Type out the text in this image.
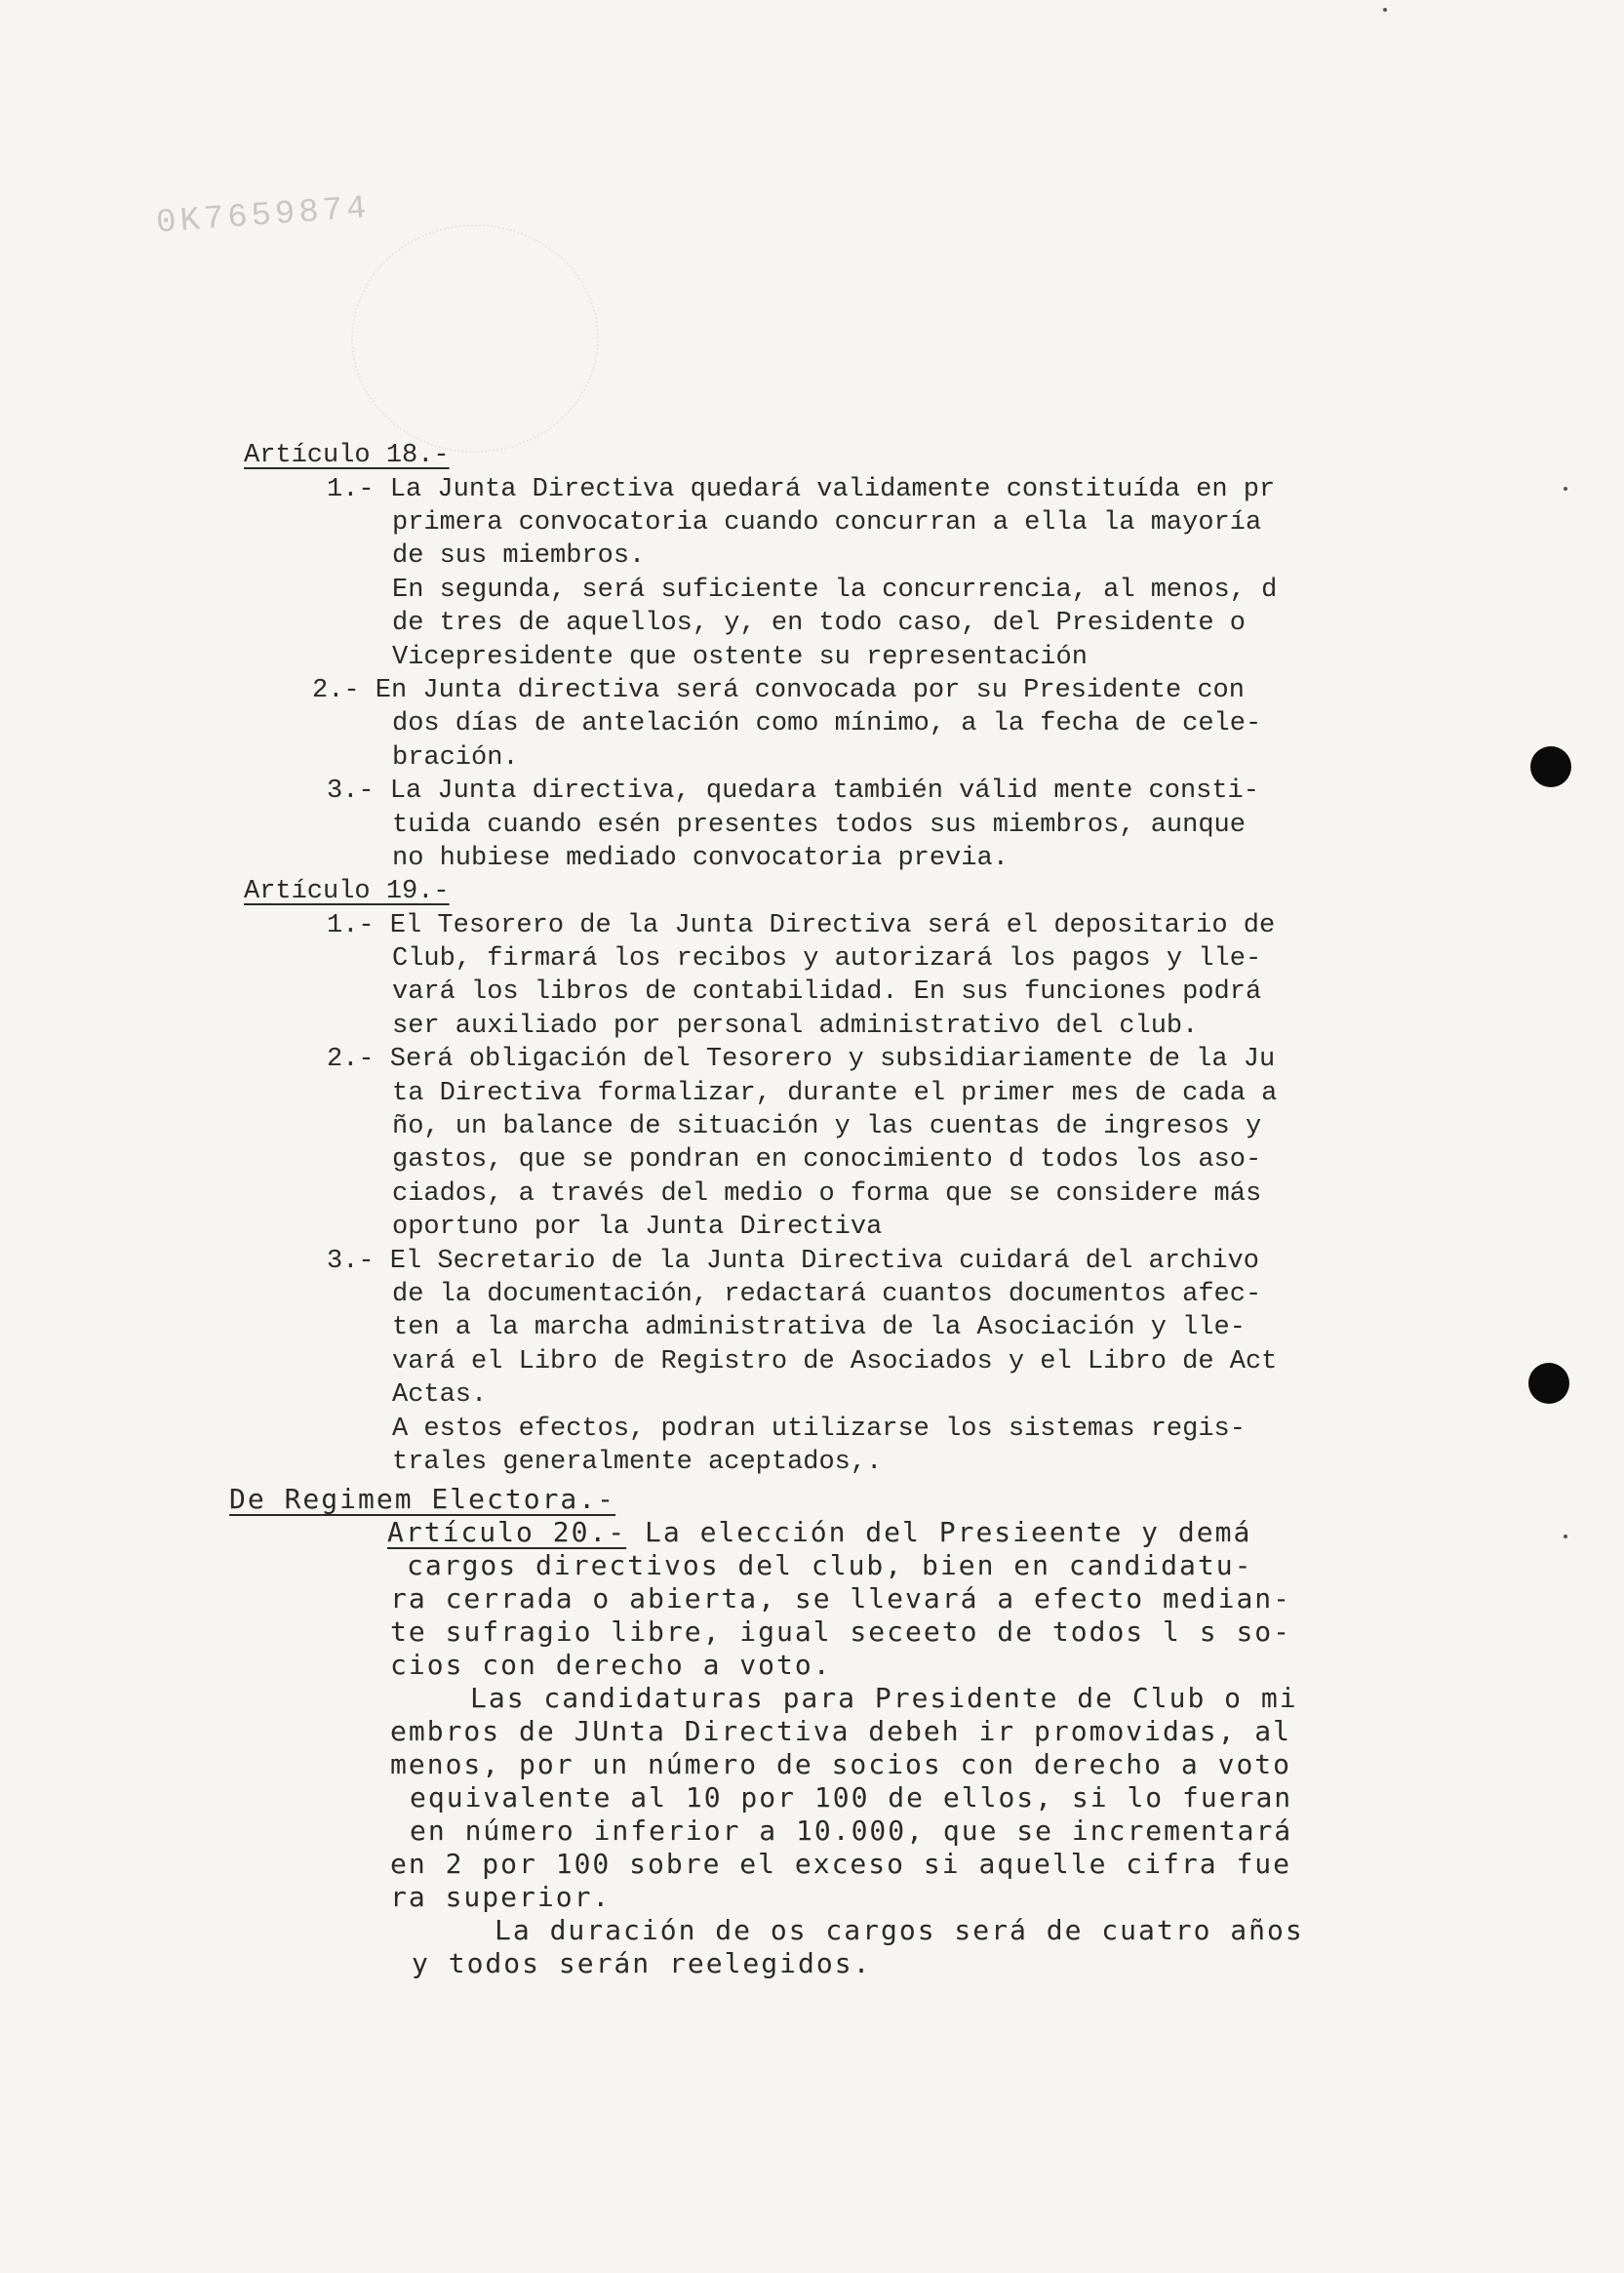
0K7659874
Artículo 18.-
1.- La Junta Directiva quedará validamente constituída en pr
primera convocatoria cuando concurran a ella la mayoría
de sus miembros.
En segunda, será suficiente la concurrencia, al menos, d
de tres de aquellos, y, en todo caso, del Presidente o
Vicepresidente que ostente su representación
2.- En Junta directiva será convocada por su Presidente con
dos días de antelación como mínimo, a la fecha de cele-
bración.
3.- La Junta directiva, quedara también válid mente consti-
tuida cuando esén presentes todos sus miembros, aunque
no hubiese mediado convocatoria previa.
Artículo 19.-
1.- El Tesorero de la Junta Directiva será el depositario de
Club, firmará los recibos y autorizará los pagos y lle-
vará los libros de contabilidad. En sus funciones podrá
ser auxiliado por personal administrativo del club.
2.- Será obligación del Tesorero y subsidiariamente de la Ju
ta Directiva formalizar, durante el primer mes de cada a
ño, un balance de situación y las cuentas de ingresos y
gastos, que se pondran en conocimiento d todos los aso-
ciados, a través del medio o forma que se considere más
oportuno por la Junta Directiva
3.- El Secretario de la Junta Directiva cuidará del archivo
de la documentación, redactará cuantos documentos afec-
ten a la marcha administrativa de la Asociación y lle-
vará el Libro de Registro de Asociados y el Libro de Act
Actas.
A estos efectos, podran utilizarse los sistemas regis-
trales generalmente aceptados,.
De Regimem Electora.-
Artículo 20.- La elección del Presieente y demá
cargos directivos del club, bien en candidatu-
ra cerrada o abierta, se llevará a efecto median-
te sufragio libre, igual seceeto de todos l s so-
cios con derecho a voto.
Las candidaturas para Presidente de Club o mi
embros de JUnta Directiva debeh ir promovidas, al
menos, por un número de socios con derecho a voto
equivalente al 10 por 100 de ellos, si lo fueran
en número inferior a 10.000, que se incrementará
en 2 por 100 sobre el exceso si aquelle cifra fue
ra superior.
La duración de os cargos será de cuatro años
y todos serán reelegidos.
